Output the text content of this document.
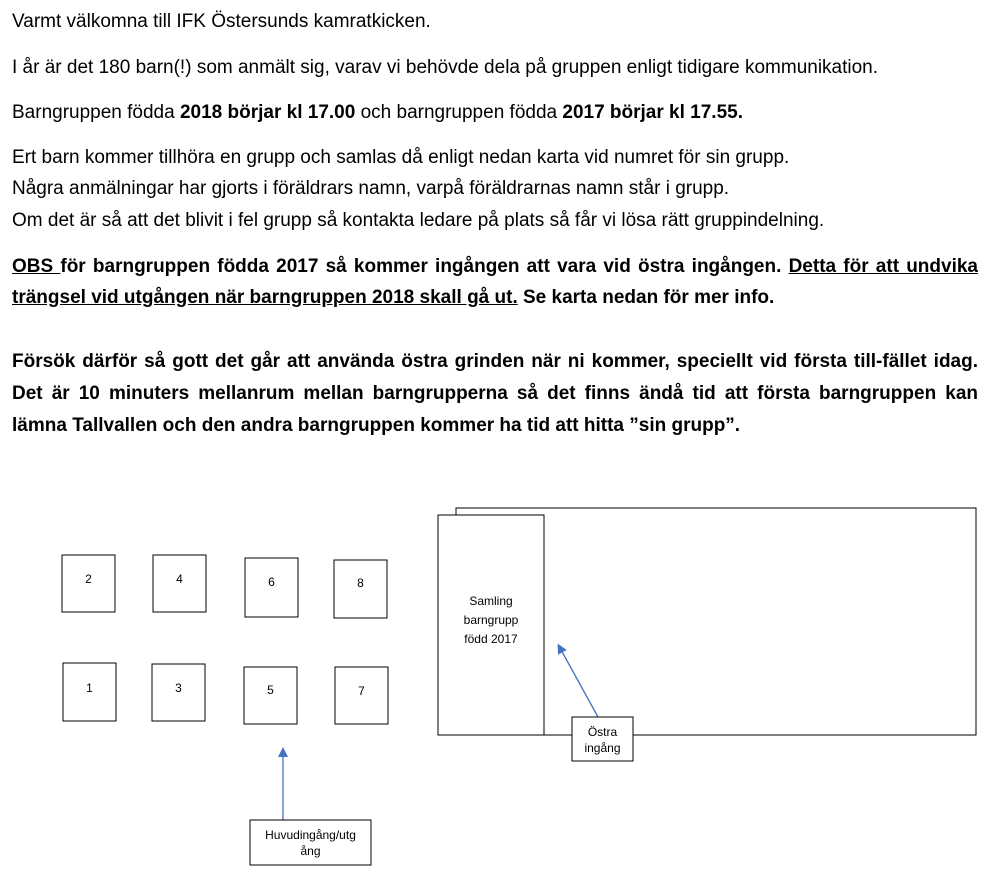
Varmt välkomna till IFK Östersunds kamratkicken.

I år är det 180 barn(!) som anmält sig, varav vi behövde dela på gruppen enligt tidigare kommunikation.

Barngruppen födda 2018 börjar kl 17.00 och barngruppen födda 2017 börjar kl 17.55.

Ert barn kommer tillhöra en grupp och samlas då enligt nedan karta vid numret för sin grupp.

Några anmälningar har gjorts i föräldrars namn, varpå föräldrarnas namn står i grupp.

Om det är så att det blivit i fel grupp så kontakta ledare på plats så får vi lösa rätt gruppindelning.

OBS för barngruppen födda 2017 så kommer ingången att vara vid östra ingången. Detta för att undvika trängsel vid utgången när barngruppen 2018 skall gå ut. Se karta nedan för mer info.

Försök därför så gott det går att använda östra grinden när ni kommer, speciellt vid första till-fället idag. Det är 10 minuters mellanrum mellan barngrupperna så det finns ändå tid att första barngruppen kan lämna Tallvallen och den andra barngruppen kommer ha tid att hitta ”sin grupp”.

2	4	6	8
1	3	5	7
Samling
barngrupp
född 2017
Östra
ingång
Huvudingång/utg
ång
